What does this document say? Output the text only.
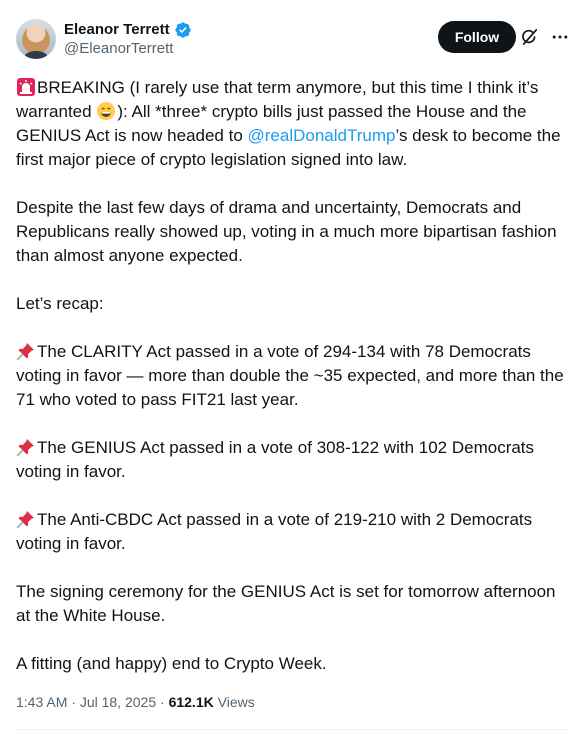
Eleanor Terrett
@EleanorTerrett
Follow
BREAKING (I rarely use that term anymore, but this time I think it’s warranted ): All *three* crypto bills just passed the House and the GENIUS Act is now headed to @realDonaldTrump’s desk to become the first major piece of crypto legislation signed into law.
Despite the last few days of drama and uncertainty, Democrats and Republicans really showed up, voting in a much more bipartisan fashion than almost anyone expected.
Let’s recap:
The CLARITY Act passed in a vote of 294-134 with 78 Democrats voting in favor — more than double the ~35 expected, and more than the 71 who voted to pass FIT21 last year.
The GENIUS Act passed in a vote of 308-122 with 102 Democrats voting in favor.
The Anti-CBDC Act passed in a vote of 219-210 with 2 Democrats voting in favor.
The signing ceremony for the GENIUS Act is set for tomorrow afternoon at the White House.
A fitting (and happy) end to Crypto Week.
1:43 AM · Jul 18, 2025 · 612.1K Views
